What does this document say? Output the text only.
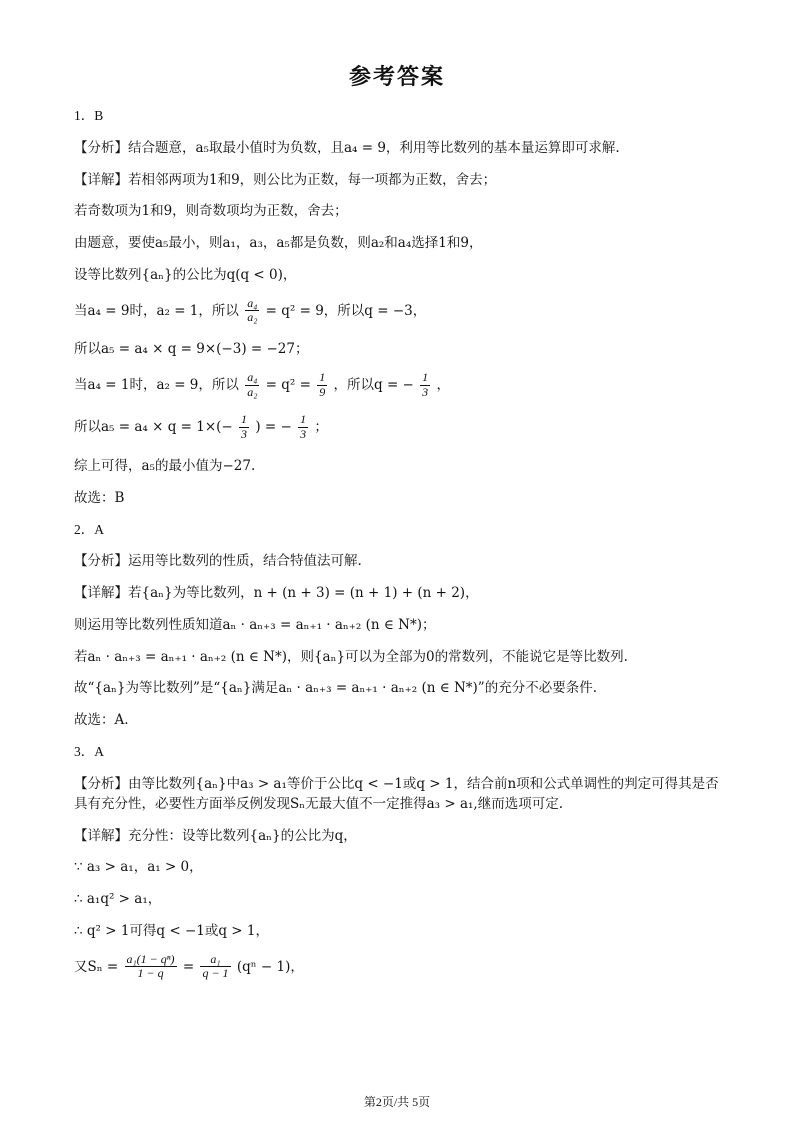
参考答案
1．B
【分析】结合题意，a₅取最小值时为负数，且a₄ = 9，利用等比数列的基本量运算即可求解.
【详解】若相邻两项为1和9，则公比为正数，每一项都为正数，舍去；
若奇数项为1和9，则奇数项均为正数，舍去；
由题意，要使a₅最小，则a₁，a₃，a₅都是负数，则a₂和a₄选择1和9，
设等比数列{aₙ}的公比为q(q < 0)，
当a₄ = 9时，a₂ = 1，所以 $\frac{\text{a₄}}{\text{a₂}} = q^2 = 9$，所以q = −3，
所以a₅ = a₄ × q = 9×(−3) = −27；
当a₄ = 1时，a₂ = 9，所以 $\frac{\text{a₄}}{\text{a₂}} = q^2 = \frac{1}{9}$ ，所以q = − $\frac{1}{3}$ ，
所以$a_5 = a_4 \times q = 1\times(- \frac{1}{3}$ ) = − $\frac{1}{3}$ ；
综上可得，a₅的最小值为−27.
故选：B
2．A
【分析】运用等比数列的性质，结合特值法可解.
【详解】若{aₙ}为等比数列，n + (n + 3) = (n + 1) + (n + 2)，
则运用等比数列性质知道aₙ · aₙ₊₃ = aₙ₊₁ · aₙ₊₂ (n ∈ N*)；
若aₙ · aₙ₊₃ = aₙ₊₁ · aₙ₊₂ (n ∈ N*)，则{aₙ}可以为全部为0的常数列，不能说它是等比数列.
故“{aₙ}为等比数列”是“{aₙ}满足aₙ · aₙ₊₃ = aₙ₊₁ · aₙ₊₂ (n ∈ N*)”的充分不必要条件.
故选：A.
3．A
【分析】由等比数列{aₙ}中a₃ > a₁等价于公比q < −1或q > 1，结合前n项和公式单调性的判定可得其是否具有充分性，必要性方面举反例发现Sₙ无最大值不一定推得a₃ > a₁,继而选项可定.
【详解】充分性：设等比数列{aₙ}的公比为q，
∵ a₃ > a₁，a₁ > 0，
∴ a₁q² > a₁，
∴ q² > 1可得q < −1或q > 1，
又$S_n = \frac{\text{a₁(1 − qⁿ)}}{1 - q} = \frac{\text{a₁}}{q - 1} (q^n - 1)$，
第2页/共 5页
